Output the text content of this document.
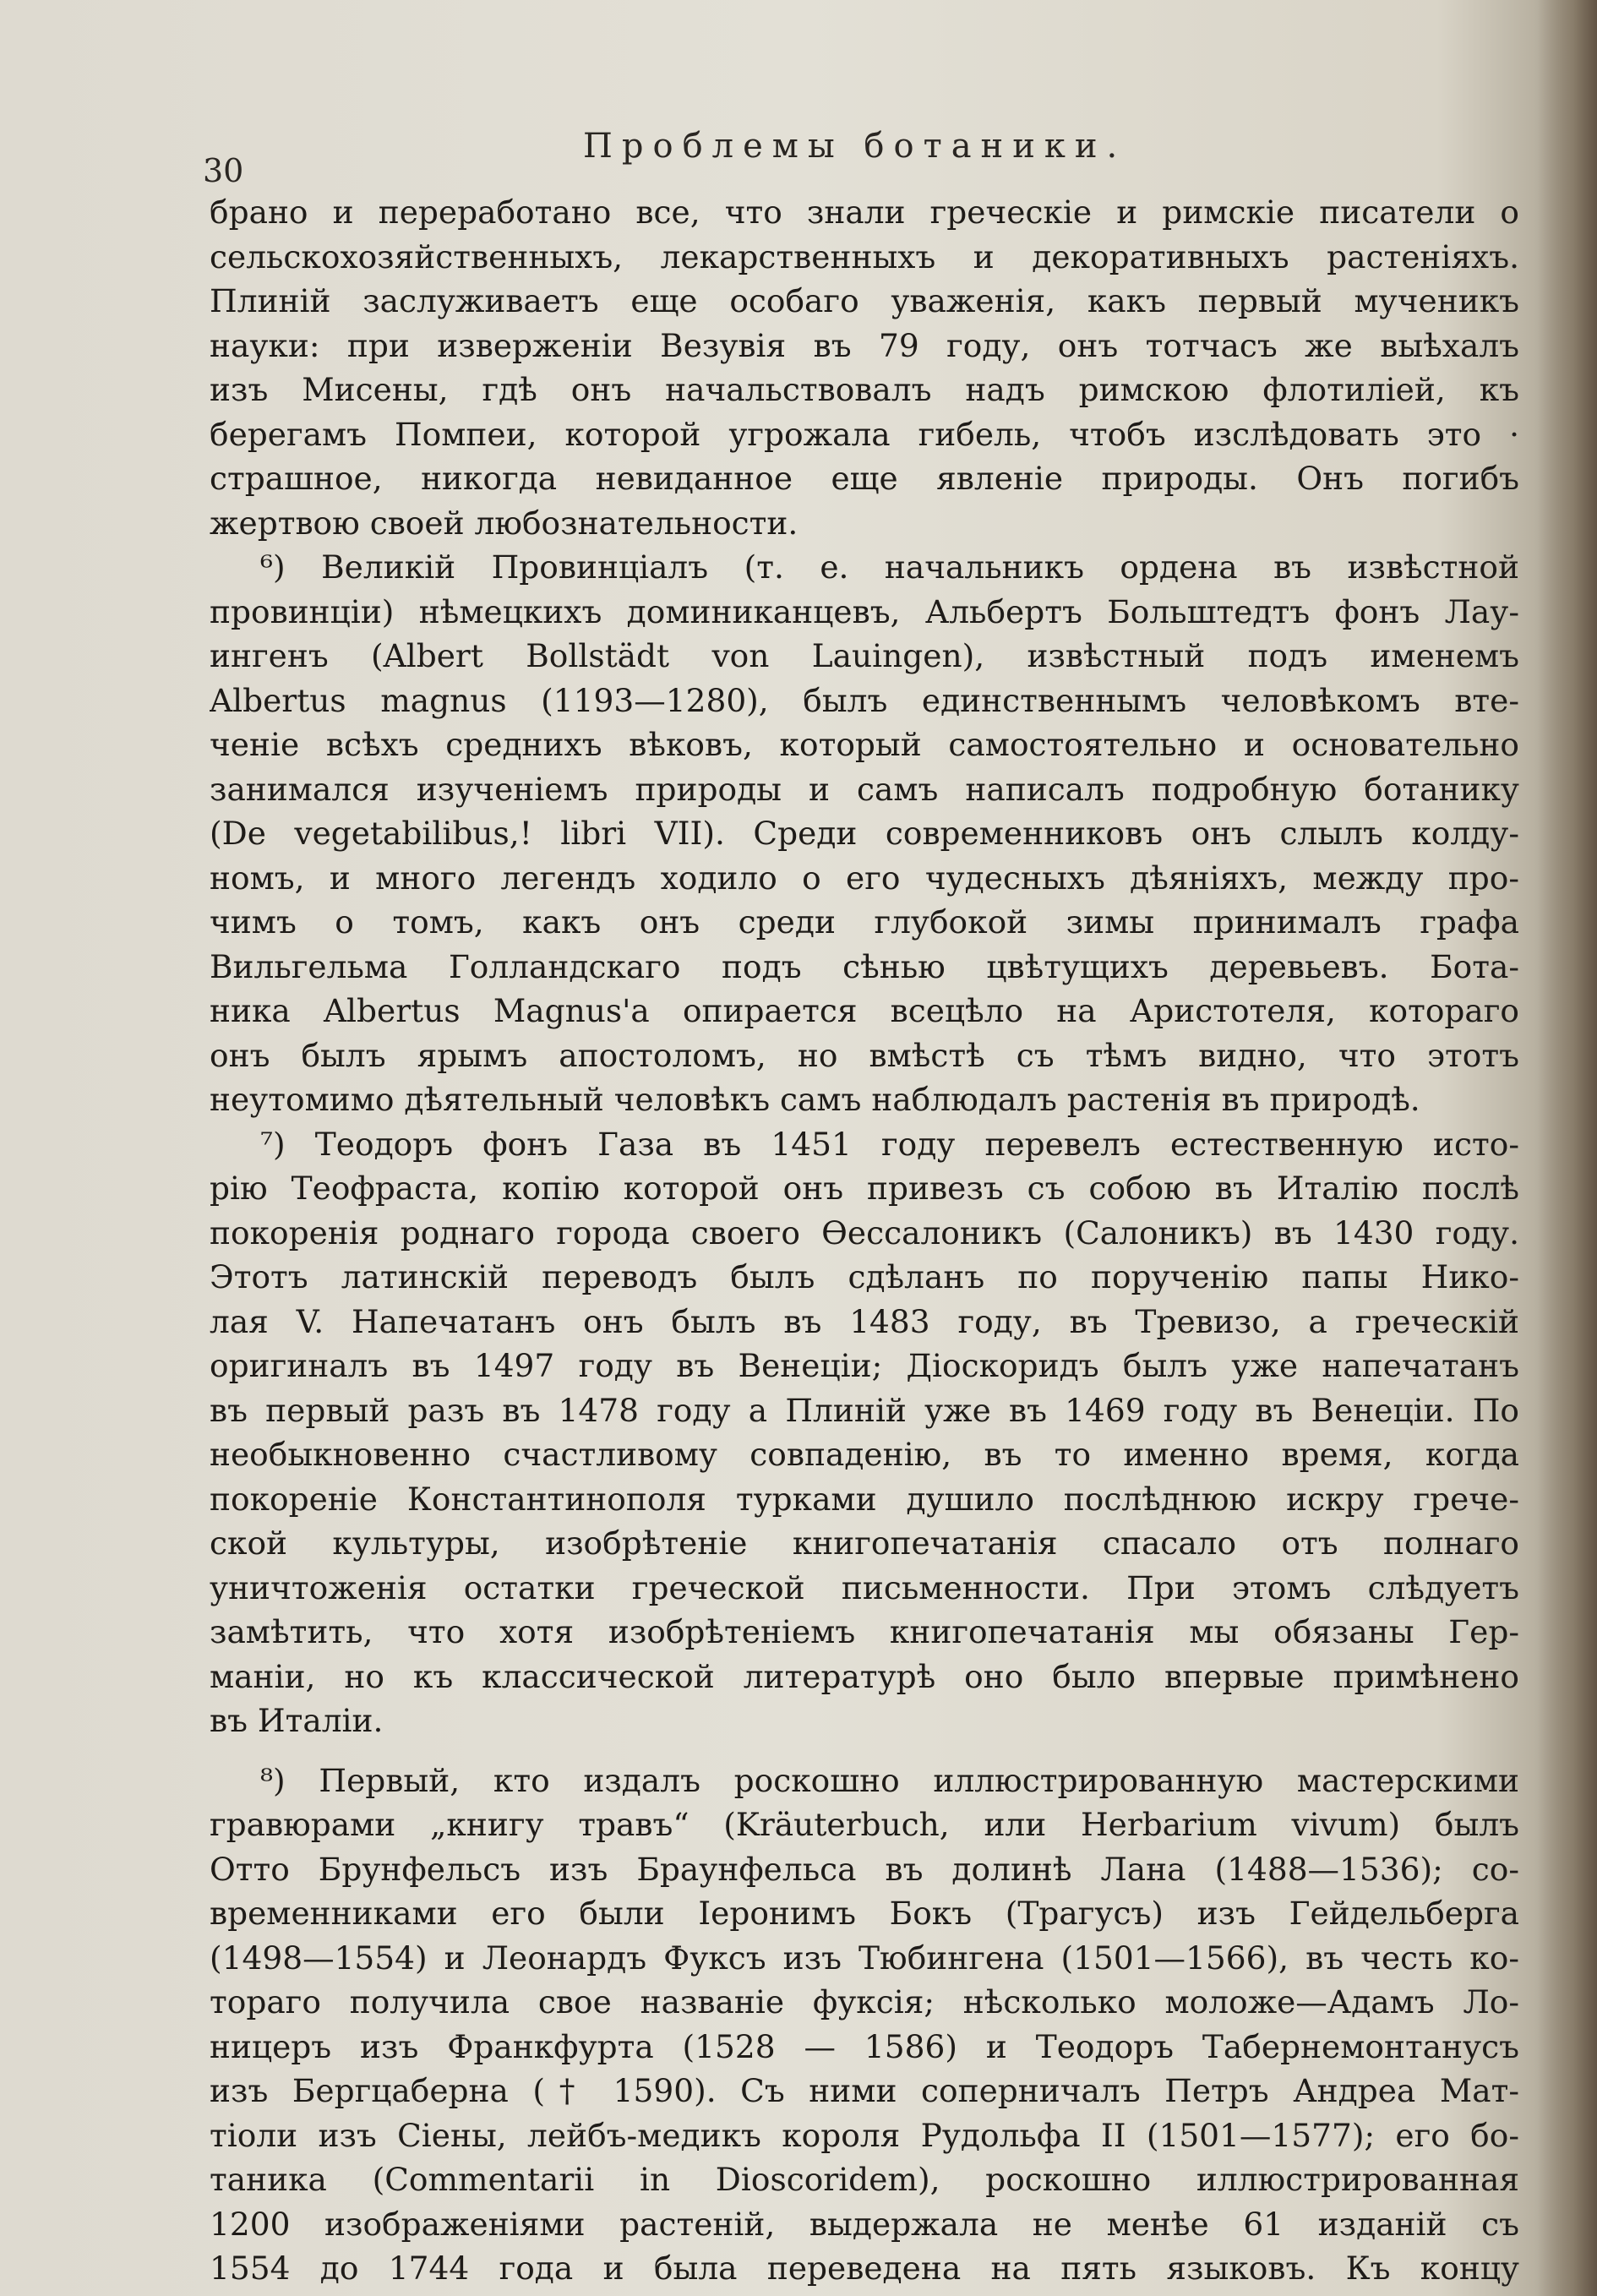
30
Проблемы ботаники.
брано и переработано все, что знали греческіе и римскіе писатели о
сельскохозяйственныхъ, лекарственныхъ и декоративныхъ растеніяхъ.
Плиній заслуживаетъ еще особаго уваженія, какъ первый мученикъ
науки: при изверженіи Везувія въ 79 году, онъ тотчасъ же выѣхалъ
изъ Мисены, гдѣ онъ начальствовалъ надъ римскою флотиліей, къ
берегамъ Помпеи, которой угрожала гибель, чтобъ изслѣдовать это ·
страшное, никогда невиданное еще явленіе природы. Онъ погибъ
жертвою своей любознательности.
⁶) Великій Провинціалъ (т. е. начальникъ ордена въ извѣстной
провинціи) нѣмецкихъ доминиканцевъ, Альбертъ Больштедтъ фонъ Лау-
ингенъ (Albert Bollstädt von Lauingen), извѣстный подъ именемъ
Albertus magnus (1193—1280), былъ единственнымъ человѣкомъ вте-
ченіе всѣхъ среднихъ вѣковъ, который самостоятельно и основательно
занимался изученіемъ природы и самъ написалъ подробную ботанику
(De vegetabilibus,! libri VII). Среди современниковъ онъ слылъ колду-
номъ, и много легендъ ходило о его чудесныхъ дѣяніяхъ, между про-
чимъ о томъ, какъ онъ среди глубокой зимы принималъ графа
Вильгельма Голландскаго подъ сѣнью цвѣтущихъ деревьевъ. Бота-
ника Albertus Magnus'а опирается всецѣло на Аристотеля, котораго
онъ былъ ярымъ апостоломъ, но вмѣстѣ съ тѣмъ видно, что этотъ
неутомимо дѣятельный человѣкъ самъ наблюдалъ растенія въ природѣ.
⁷) Теодоръ фонъ Газа въ 1451 году перевелъ естественную исто-
рію Теофраста, копію которой онъ привезъ съ собою въ Италію послѣ
покоренія роднаго города своего Ѳессалоникъ (Салоникъ) въ 1430 году.
Этотъ латинскій переводъ былъ сдѣланъ по порученію папы Нико-
лая V. Напечатанъ онъ былъ въ 1483 году, въ Тревизо, а греческій
оригиналъ въ 1497 году въ Венеціи; Діоскоридъ былъ уже напечатанъ
въ первый разъ въ 1478 году а Плиній уже въ 1469 году въ Венеціи. По
необыкновенно счастливому совпаденію, въ то именно время, когда
покореніе Константинополя турками душило послѣднюю искру грече-
ской культуры, изобрѣтеніе книгопечатанія спасало отъ полнаго
уничтоженія остатки греческой письменности. При этомъ слѣдуетъ
замѣтить, что хотя изобрѣтеніемъ книгопечатанія мы обязаны Гер-
маніи, но къ классической литературѣ оно было впервые примѣнено
въ Италіи.
⁸) Первый, кто издалъ роскошно иллюстрированную мастерскими
гравюрами „книгу травъ“ (Kräuterbuch, или Herbarium vivum) былъ
Отто Брунфельсъ изъ Браунфельса въ долинѣ Лана (1488—1536); со-
временниками его были Іеронимъ Бокъ (Трагусъ) изъ Гейдельберга
(1498—1554) и Леонардъ Фуксъ изъ Тюбингена (1501—1566), въ честь ко-
тораго получила свое названіе фуксія; нѣсколько моложе—Адамъ Ло-
ницеръ изъ Франкфурта (1528 — 1586) и Теодоръ Табернемонтанусъ
изъ Бергцаберна († 1590). Съ ними соперничалъ Петръ Андреа Мат-
тіоли изъ Сіены, лейбъ-медикъ короля Рудольфа II (1501—1577); его бо-
таника (Commentarii in Dioscoridem), роскошно иллюстрированная
1200 изображеніями растеній, выдержала не менѣе 61 изданій съ
1554 до 1744 года и была переведена на пять языковъ. Къ концу
